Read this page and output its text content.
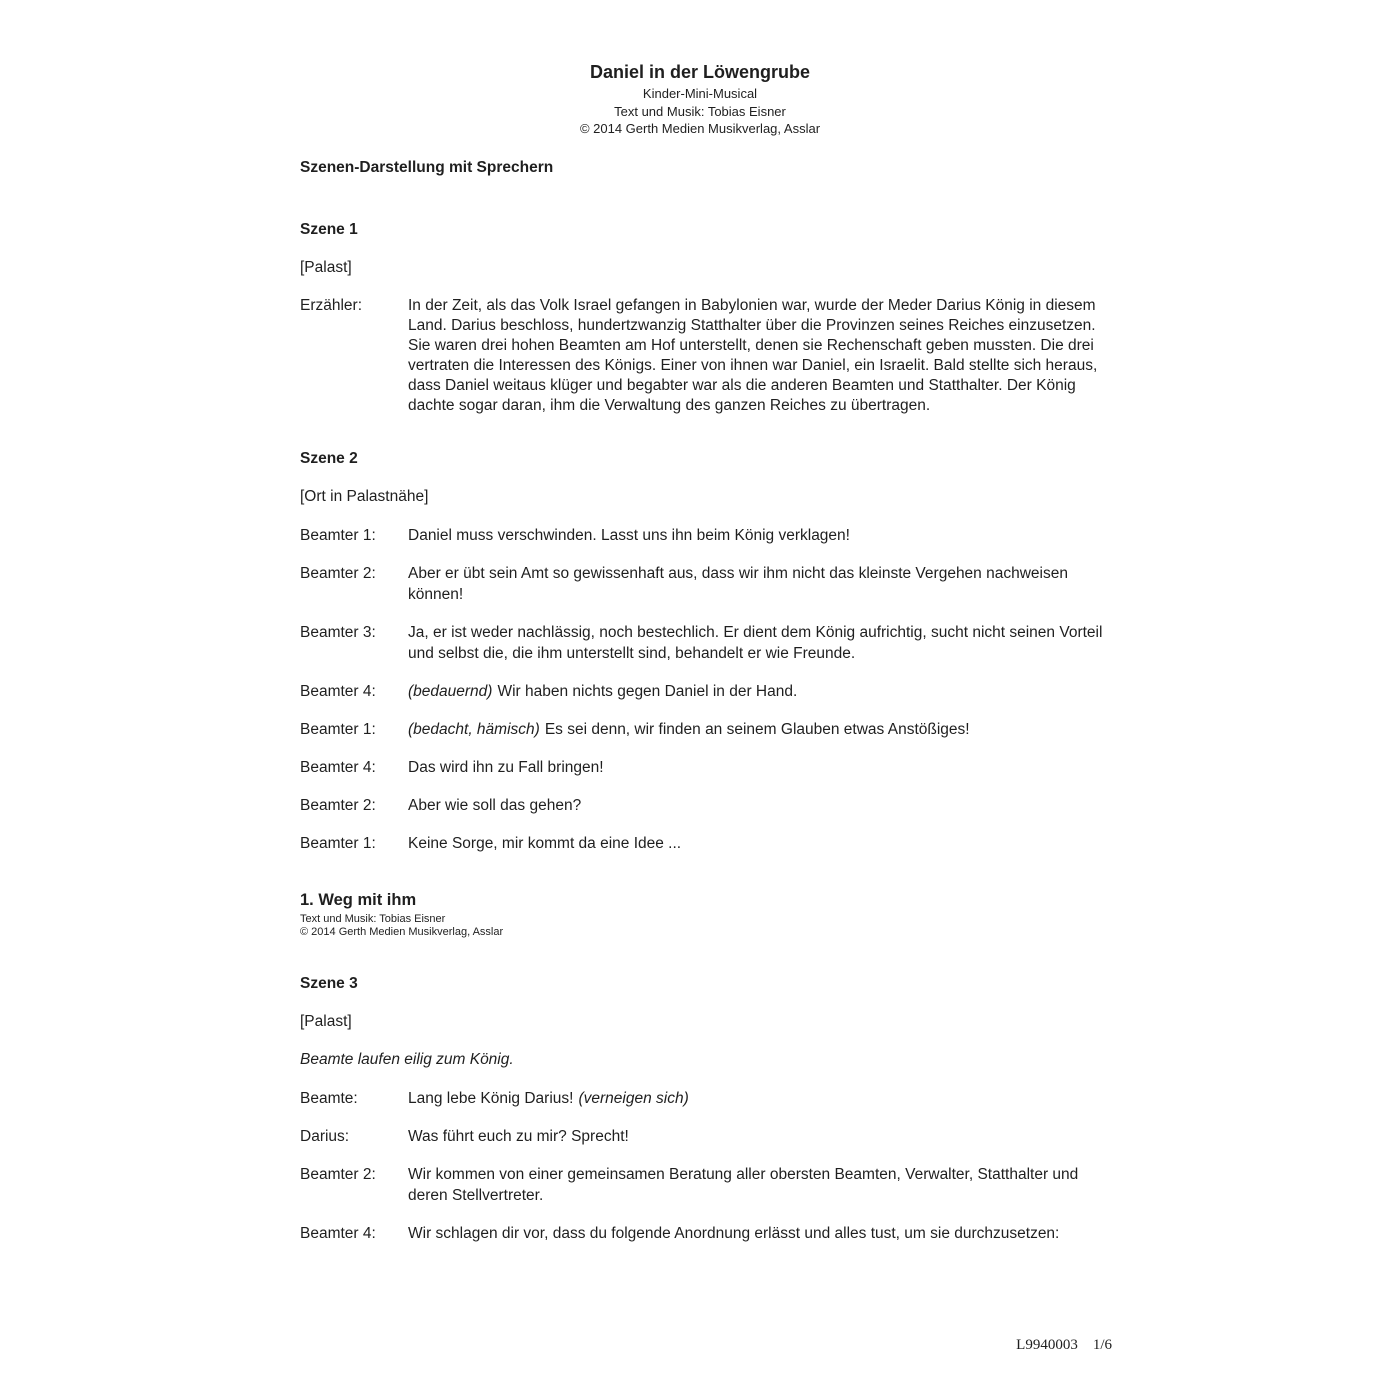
Daniel in der Löwengrube
Kinder-Mini-Musical
Text und Musik: Tobias Eisner
© 2014 Gerth Medien Musikverlag, Asslar
Szenen-Darstellung mit Sprechern
Szene 1
[Palast]
Erzähler:	In der Zeit, als das Volk Israel gefangen in Babylonien war, wurde der Meder Darius König in diesem Land. Darius beschloss, hundertzwanzig Statthalter über die Provinzen seines Reiches einzusetzen. Sie waren drei hohen Beamten am Hof unterstellt, denen sie Rechenschaft geben mussten. Die drei vertraten die Interessen des Königs. Einer von ihnen war Daniel, ein Israelit. Bald stellte sich heraus, dass Daniel weitaus klüger und begabter war als die anderen Beamten und Statthalter. Der König dachte sogar daran, ihm die Verwaltung des ganzen Reiches zu übertragen.
Szene 2
[Ort in Palastnähe]
Beamter 1:	Daniel muss verschwinden. Lasst uns ihn beim König verklagen!
Beamter 2:	Aber er übt sein Amt so gewissenhaft aus, dass wir ihm nicht das kleinste Vergehen nachweisen können!
Beamter 3:	Ja, er ist weder nachlässig, noch bestechlich. Er dient dem König aufrichtig, sucht nicht seinen Vorteil und selbst die, die ihm unterstellt sind, behandelt er wie Freunde.
Beamter 4:	(bedauernd) Wir haben nichts gegen Daniel in der Hand.
Beamter 1:	(bedacht, hämisch) Es sei denn, wir finden an seinem Glauben etwas Anstößiges!
Beamter 4:	Das wird ihn zu Fall bringen!
Beamter 2:	Aber wie soll das gehen?
Beamter 1:	Keine Sorge, mir kommt da eine Idee ...
1. Weg mit ihm
Text und Musik: Tobias Eisner
© 2014 Gerth Medien Musikverlag, Asslar
Szene 3
[Palast]
Beamte laufen eilig zum König.
Beamte:	Lang lebe König Darius! (verneigen sich)
Darius:	Was führt euch zu mir? Sprecht!
Beamter 2:	Wir kommen von einer gemeinsamen Beratung aller obersten Beamten, Verwalter, Statthalter und deren Stellvertreter.
Beamter 4:	Wir schlagen dir vor, dass du folgende Anordnung erlässt und alles tust, um sie durchzusetzen:
L9940003 1/6
